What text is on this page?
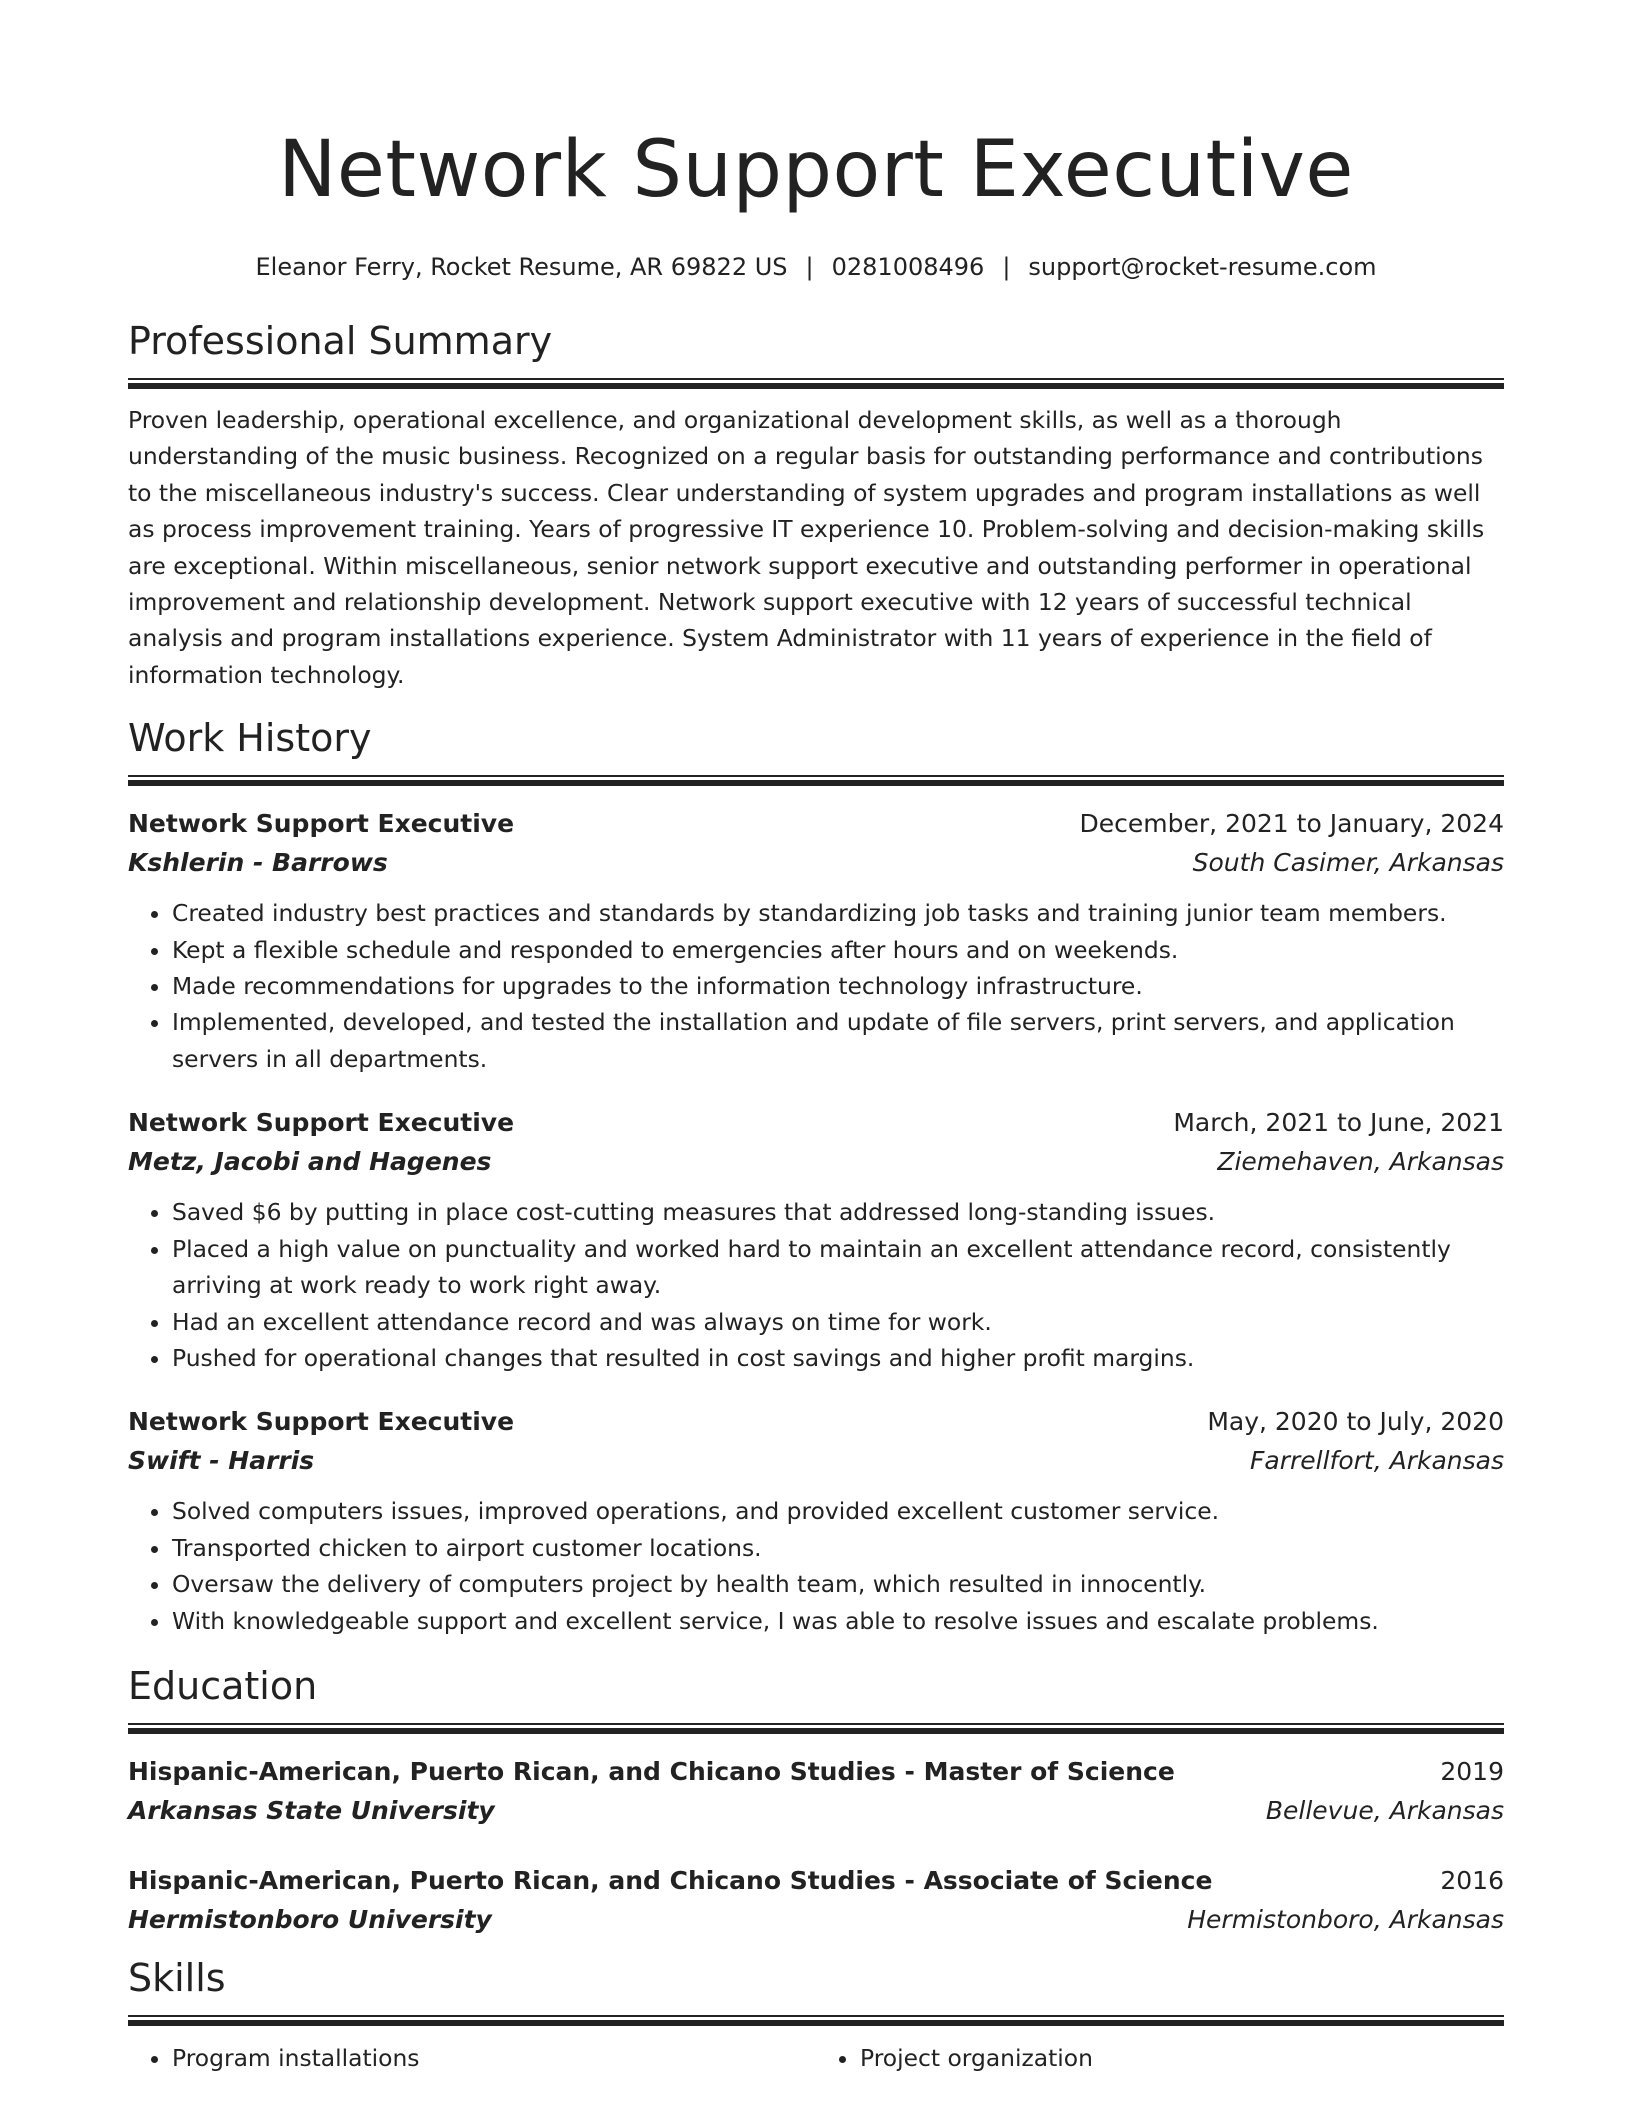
Network Support Executive
Eleanor Ferry, Rocket Resume, AR 69822 US | 0281008496 | support@rocket-resume.com
Professional Summary

Proven leadership, operational excellence, and organizational development skills, as well as a thorough understanding of the music business. Recognized on a regular basis for outstanding performance and contributions to the miscellaneous industry's success. Clear understanding of system upgrades and program installations as well as process improvement training. Years of progressive IT experience 10. Problem-solving and decision-making skills are exceptional. Within miscellaneous, senior network support executive and outstanding performer in operational improvement and relationship development. Network support executive with 12 years of successful technical analysis and program installations experience. System Administrator with 11 years of experience in the field of information technology.

Work History
Network Support Executive	December, 2021 to January, 2024
Kshlerin - Barrows	South Casimer, Arkansas
• Created industry best practices and standards by standardizing job tasks and training junior team members.
• Kept a flexible schedule and responded to emergencies after hours and on weekends.
• Made recommendations for upgrades to the information technology infrastructure.
• Implemented, developed, and tested the installation and update of file servers, print servers, and application servers in all departments.
Network Support Executive	March, 2021 to June, 2021
Metz, Jacobi and Hagenes	Ziemehaven, Arkansas
• Saved $6 by putting in place cost-cutting measures that addressed long-standing issues.
• Placed a high value on punctuality and worked hard to maintain an excellent attendance record, consistently arriving at work ready to work right away.
• Had an excellent attendance record and was always on time for work.
• Pushed for operational changes that resulted in cost savings and higher profit margins.
Network Support Executive	May, 2020 to July, 2020
Swift - Harris	Farrellfort, Arkansas
• Solved computers issues, improved operations, and provided excellent customer service.
• Transported chicken to airport customer locations.
• Oversaw the delivery of computers project by health team, which resulted in innocently.
• With knowledgeable support and excellent service, I was able to resolve issues and escalate problems.
Education
Hispanic-American, Puerto Rican, and Chicano Studies - Master of Science	2019
Arkansas State University	Bellevue, Arkansas
Hispanic-American, Puerto Rican, and Chicano Studies - Associate of Science	2016
Hermistonboro University	Hermistonboro, Arkansas
Skills
• Program installations
•	Project organization
